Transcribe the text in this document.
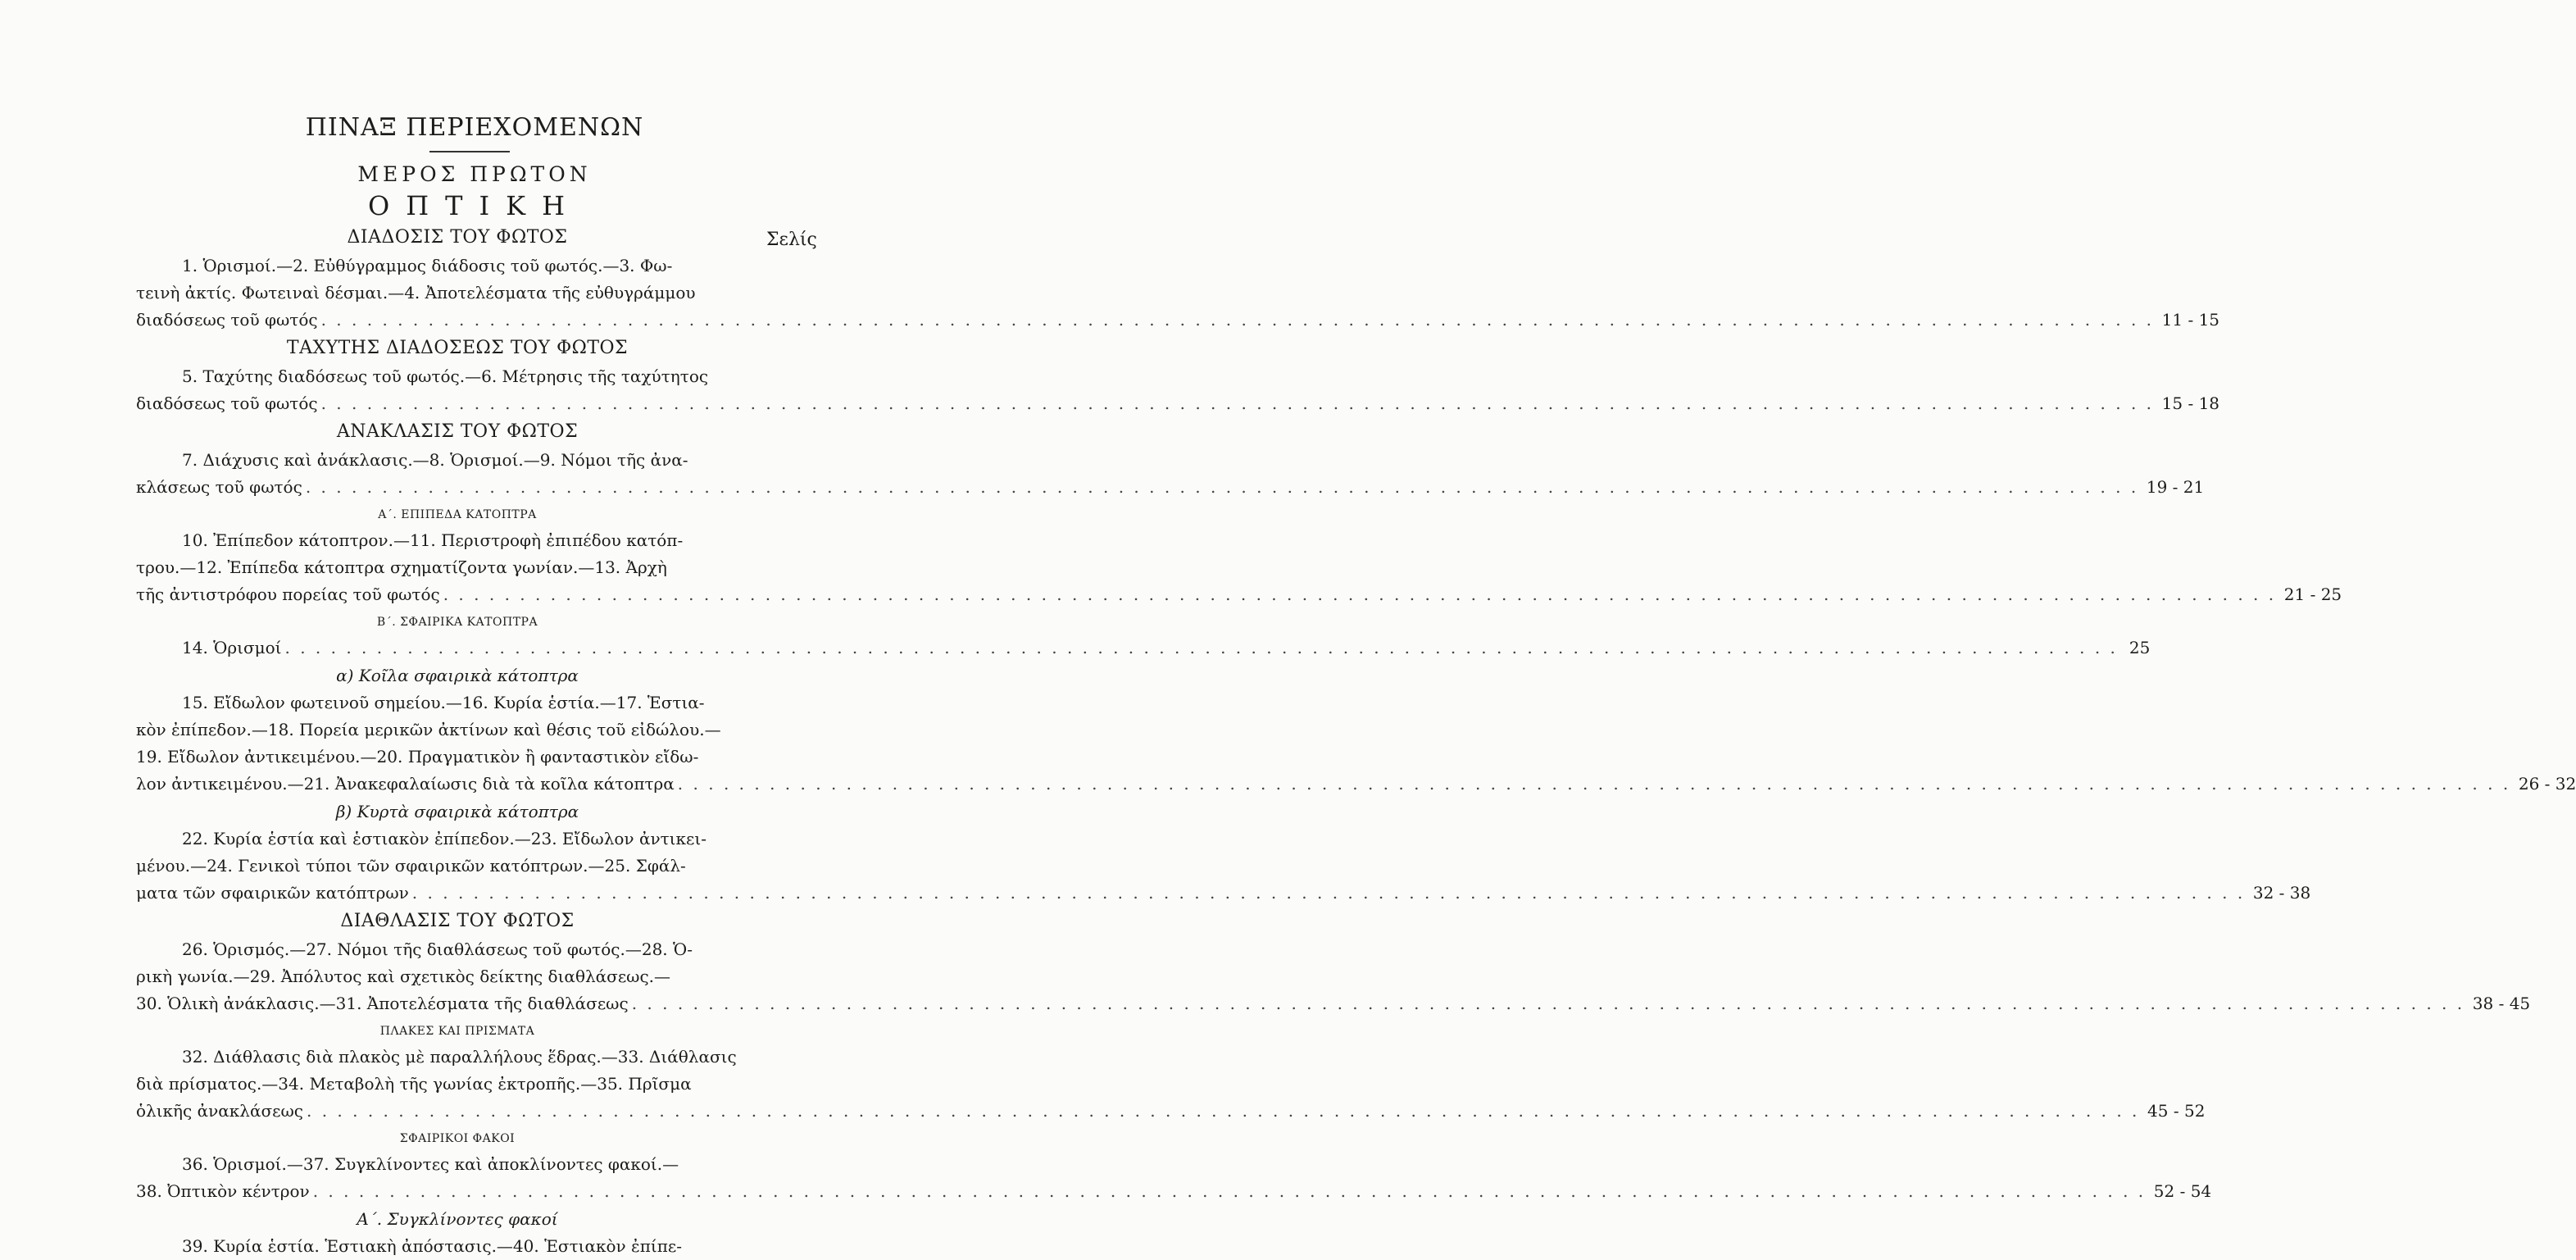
ΠΙΝΑΞ ΠΕΡΙΕΧΟΜΕΝΩΝ
ΜΕΡΟΣ ΠΡΩΤΟΝ
ΟΠΤΙΚΗ
Σελίς
ΔΙΑΔΟΣΙΣ ΤΟΥ ΦΩΤΟΣ
1. Ὁρισμοί.—2. Εὐθύγραμμος διάδοσις τοῦ φωτός.—3. Φω-
τεινὴ ἀκτίς. Φωτειναὶ δέσμαι.—4. Ἀποτελέσματα τῆς εὐθυγράμμου
διαδόσεως τοῦ φωτός . . . . . . . . . . . . . . . . . . . . . . . . . . . . . . . . . . . . . . . . . . . . . . . . . . . . . . . . . . . . . . . . . . . . . . . . . . . . . . . . . . . . . . . . . . . . . . . . . . . . . . . . . . . . . . . . . . . . . . . . 11 - 15
ΤΑΧΥΤΗΣ ΔΙΑΔΟΣΕΩΣ ΤΟΥ ΦΩΤΟΣ
5. Ταχύτης διαδόσεως τοῦ φωτός.—6. Μέτρησις τῆς ταχύτητος
διαδόσεως τοῦ φωτός . . . . . . . . . . . . . . . . . . . . . . . . . . . . . . . . . . . . . . . . . . . . . . . . . . . . . . . . . . . . . . . . . . . . . . . . . . . . . . . . . . . . . . . . . . . . . . . . . . . . . . . . . . . . . . . . . . . . . . . . 15 - 18
ΑΝΑΚΛΑΣΙΣ ΤΟΥ ΦΩΤΟΣ
7. Διάχυσις καὶ ἀνάκλασις.—8. Ὁρισμοί.—9. Νόμοι τῆς ἀνα-
κλάσεως τοῦ φωτός . . . . . . . . . . . . . . . . . . . . . . . . . . . . . . . . . . . . . . . . . . . . . . . . . . . . . . . . . . . . . . . . . . . . . . . . . . . . . . . . . . . . . . . . . . . . . . . . . . . . . . . . . . . . . . . . . . . . . . . . 19 - 21
Α΄. ΕΠΙΠΕΔΑ ΚΑΤΟΠΤΡΑ
10. Ἐπίπεδον κάτοπτρον.—11. Περιστροφὴ ἐπιπέδου κατόπ-
τρου.—12. Ἐπίπεδα κάτοπτρα σχηματίζοντα γωνίαν.—13. Ἀρχὴ
τῆς ἀντιστρόφου πορείας τοῦ φωτός . . . . . . . . . . . . . . . . . . . . . . . . . . . . . . . . . . . . . . . . . . . . . . . . . . . . . . . . . . . . . . . . . . . . . . . . . . . . . . . . . . . . . . . . . . . . . . . . . . . . . . . . . . . . . . . . . . . . . . . . 21 - 25
Β΄. ΣΦΑΙΡΙΚΑ ΚΑΤΟΠΤΡΑ
14. Ὁρισμοί . . . . . . . . . . . . . . . . . . . . . . . . . . . . . . . . . . . . . . . . . . . . . . . . . . . . . . . . . . . . . . . . . . . . . . . . . . . . . . . . . . . . . . . . . . . . . . . . . . . . . . . . . . . . . . . . . . . . . . . . 25
α) Κοῖλα σφαιρικὰ κάτοπτρα
15. Εἴδωλον φωτεινοῦ σημείου.—16. Κυρία ἑστία.—17. Ἑστια-
κὸν ἐπίπεδον.—18. Πορεία μερικῶν ἀκτίνων καὶ θέσις τοῦ εἰδώλου.—
19. Εἴδωλον ἀντικειμένου.—20. Πραγματικὸν ἢ φανταστικὸν εἴδω-
λον ἀντικειμένου.—21. Ἀνακεφαλαίωσις διὰ τὰ κοῖλα κάτοπτρα . . . . . . . . . . . . . . . . . . . . . . . . . . . . . . . . . . . . . . . . . . . . . . . . . . . . . . . . . . . . . . . . . . . . . . . . . . . . . . . . . . . . . . . . . . . . . . . . . . . . . . . . . . . . . . . . . . . . . . . . 26 - 32
β) Κυρτὰ σφαιρικὰ κάτοπτρα
22. Κυρία ἑστία καὶ ἑστιακὸν ἐπίπεδον.—23. Εἴδωλον ἀντικει-
μένου.—24. Γενικοὶ τύποι τῶν σφαιρικῶν κατόπτρων.—25. Σφάλ-
ματα τῶν σφαιρικῶν κατόπτρων . . . . . . . . . . . . . . . . . . . . . . . . . . . . . . . . . . . . . . . . . . . . . . . . . . . . . . . . . . . . . . . . . . . . . . . . . . . . . . . . . . . . . . . . . . . . . . . . . . . . . . . . . . . . . . . . . . . . . . . . 32 - 38
ΔΙΑΘΛΑΣΙΣ ΤΟΥ ΦΩΤΟΣ
26. Ὁρισμός.—27. Νόμοι τῆς διαθλάσεως τοῦ φωτός.—28. Ὁ-
ρικὴ γωνία.—29. Ἀπόλυτος καὶ σχετικὸς δείκτης διαθλάσεως.—
30. Ὁλικὴ ἀνάκλασις.—31. Ἀποτελέσματα τῆς διαθλάσεως . . . . . . . . . . . . . . . . . . . . . . . . . . . . . . . . . . . . . . . . . . . . . . . . . . . . . . . . . . . . . . . . . . . . . . . . . . . . . . . . . . . . . . . . . . . . . . . . . . . . . . . . . . . . . . . . . . . . . . . . 38 - 45
ΠΛΑΚΕΣ ΚΑΙ ΠΡΙΣΜΑΤΑ
32. Διάθλασις διὰ πλακὸς μὲ παραλλήλους ἕδρας.—33. Διάθλασις
διὰ πρίσματος.—34. Μεταβολὴ τῆς γωνίας ἐκτροπῆς.—35. Πρῖσμα
ὁλικῆς ἀνακλάσεως . . . . . . . . . . . . . . . . . . . . . . . . . . . . . . . . . . . . . . . . . . . . . . . . . . . . . . . . . . . . . . . . . . . . . . . . . . . . . . . . . . . . . . . . . . . . . . . . . . . . . . . . . . . . . . . . . . . . . . . . 45 - 52
ΣΦΑΙΡΙΚΟΙ ΦΑΚΟΙ
36. Ὁρισμοί.—37. Συγκλίνοντες καὶ ἀποκλίνοντες φακοί.—
38. Ὀπτικὸν κέντρον . . . . . . . . . . . . . . . . . . . . . . . . . . . . . . . . . . . . . . . . . . . . . . . . . . . . . . . . . . . . . . . . . . . . . . . . . . . . . . . . . . . . . . . . . . . . . . . . . . . . . . . . . . . . . . . . . . . . . . . . 52 - 54
Α΄. Συγκλίνοντες φακοί
39. Κυρία ἑστία. Ἑστιακὴ ἀπόστασις.—40. Ἑστιακὸν ἐπίπε-
